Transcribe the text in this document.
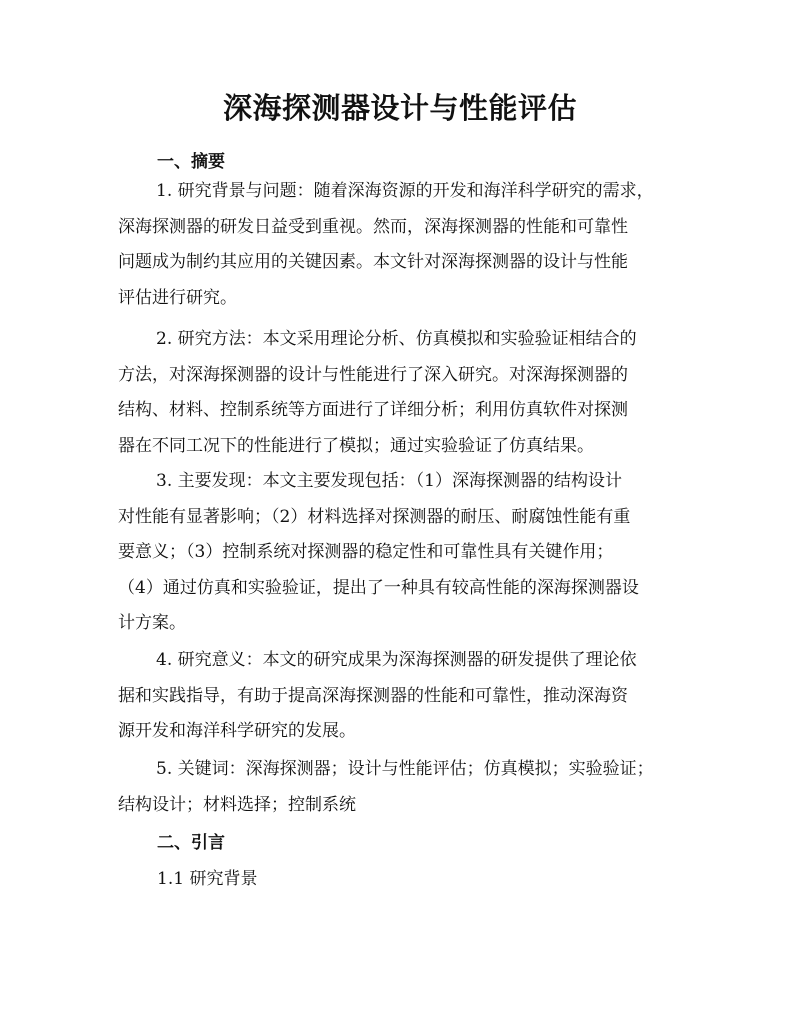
深海探测器设计与性能评估
一、摘要
1. 研究背景与问题：随着深海资源的开发和海洋科学研究的需求，
深海探测器的研发日益受到重视。然而，深海探测器的性能和可靠性
问题成为制约其应用的关键因素。本文针对深海探测器的设计与性能
评估进行研究。
2. 研究方法：本文采用理论分析、仿真模拟和实验验证相结合的
方法，对深海探测器的设计与性能进行了深入研究。对深海探测器的
结构、材料、控制系统等方面进行了详细分析；利用仿真软件对探测
器在不同工况下的性能进行了模拟；通过实验验证了仿真结果。
3. 主要发现：本文主要发现包括：（1）深海探测器的结构设计
对性能有显著影响；（2）材料选择对探测器的耐压、耐腐蚀性能有重
要意义；（3）控制系统对探测器的稳定性和可靠性具有关键作用；
（4）通过仿真和实验验证，提出了一种具有较高性能的深海探测器设
计方案。
4. 研究意义：本文的研究成果为深海探测器的研发提供了理论依
据和实践指导，有助于提高深海探测器的性能和可靠性，推动深海资
源开发和海洋科学研究的发展。
5. 关键词：深海探测器；设计与性能评估；仿真模拟；实验验证；
结构设计；材料选择；控制系统
二、引言
1.1 研究背景
